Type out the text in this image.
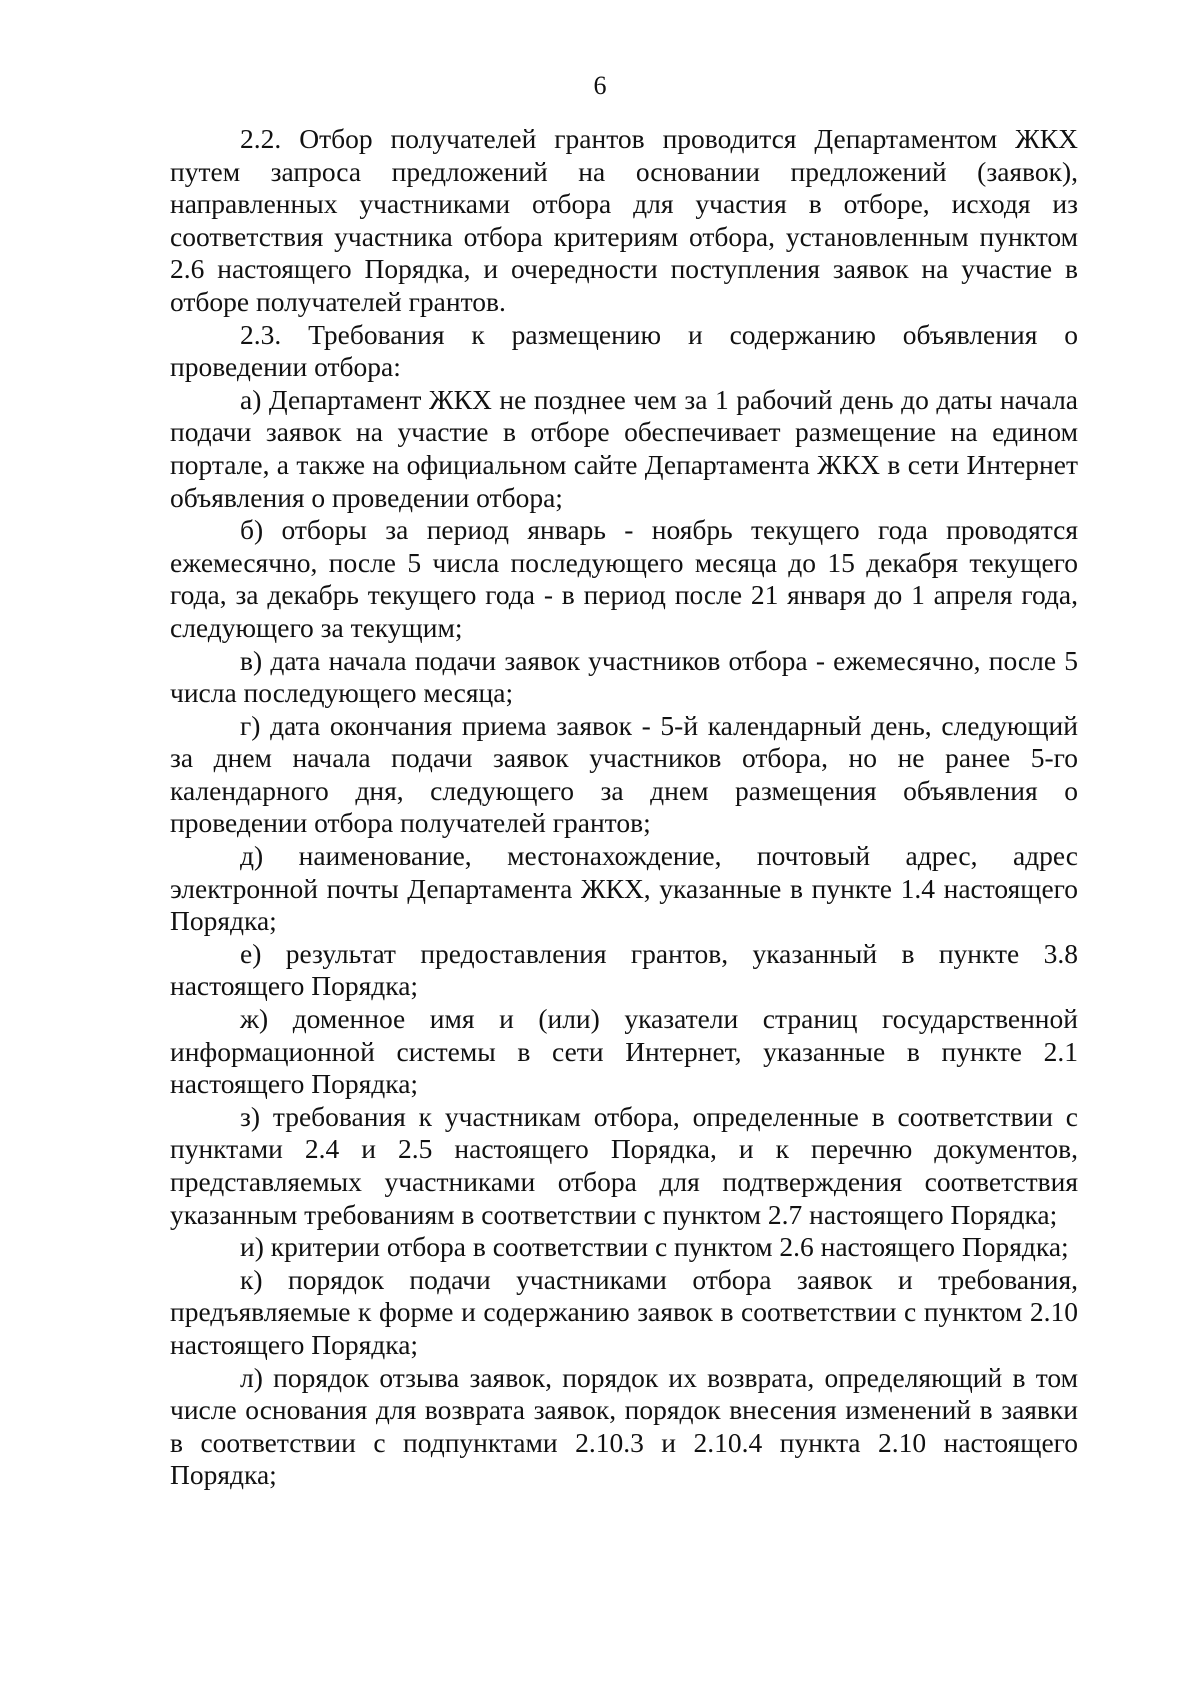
6

2.2. Отбор получателей грантов проводится Департаментом ЖКХ путем запроса предложений на основании предложений (заявок), направленных участниками отбора для участия в отборе, исходя из соответствия участника отбора критериям отбора, установленным пунктом 2.6 настоящего Порядка, и очередности поступления заявок на участие в отборе получателей грантов.

2.3. Требования к размещению и содержанию объявления о проведении отбора:

а) Департамент ЖКХ не позднее чем за 1 рабочий день до даты начала подачи заявок на участие в отборе обеспечивает размещение на едином портале, а также на официальном сайте Департамента ЖКХ в сети Интернет объявления о проведении отбора;

б) отборы за период январь - ноябрь текущего года проводятся ежемесячно, после 5 числа последующего месяца до 15 декабря текущего года, за декабрь текущего года - в период после 21 января до 1 апреля года, следующего за текущим;

в) дата начала подачи заявок участников отбора - ежемесячно, после 5 числа последующего месяца;

г) дата окончания приема заявок - 5-й календарный день, следующий за днем начала подачи заявок участников отбора, но не ранее 5-го календарного дня, следующего за днем размещения объявления о проведении отбора получателей грантов;

д) наименование, местонахождение, почтовый адрес, адрес электронной почты Департамента ЖКХ, указанные в пункте 1.4 настоящего Порядка;

е) результат предоставления грантов, указанный в пункте 3.8 настоящего Порядка;

ж) доменное имя и (или) указатели страниц государственной информационной системы в сети Интернет, указанные в пункте 2.1 настоящего Порядка;

з) требования к участникам отбора, определенные в соответствии с пунктами 2.4 и 2.5 настоящего Порядка, и к перечню документов, представляемых участниками отбора для подтверждения соответствия указанным требованиям в соответствии с пунктом 2.7 настоящего Порядка;

и) критерии отбора в соответствии с пунктом 2.6 настоящего Порядка;

к) порядок подачи участниками отбора заявок и требования, предъявляемые к форме и содержанию заявок в соответствии с пунктом 2.10 настоящего Порядка;

л) порядок отзыва заявок, порядок их возврата, определяющий в том числе основания для возврата заявок, порядок внесения изменений в заявки в соответствии с подпунктами 2.10.3 и 2.10.4 пункта 2.10 настоящего Порядка;
